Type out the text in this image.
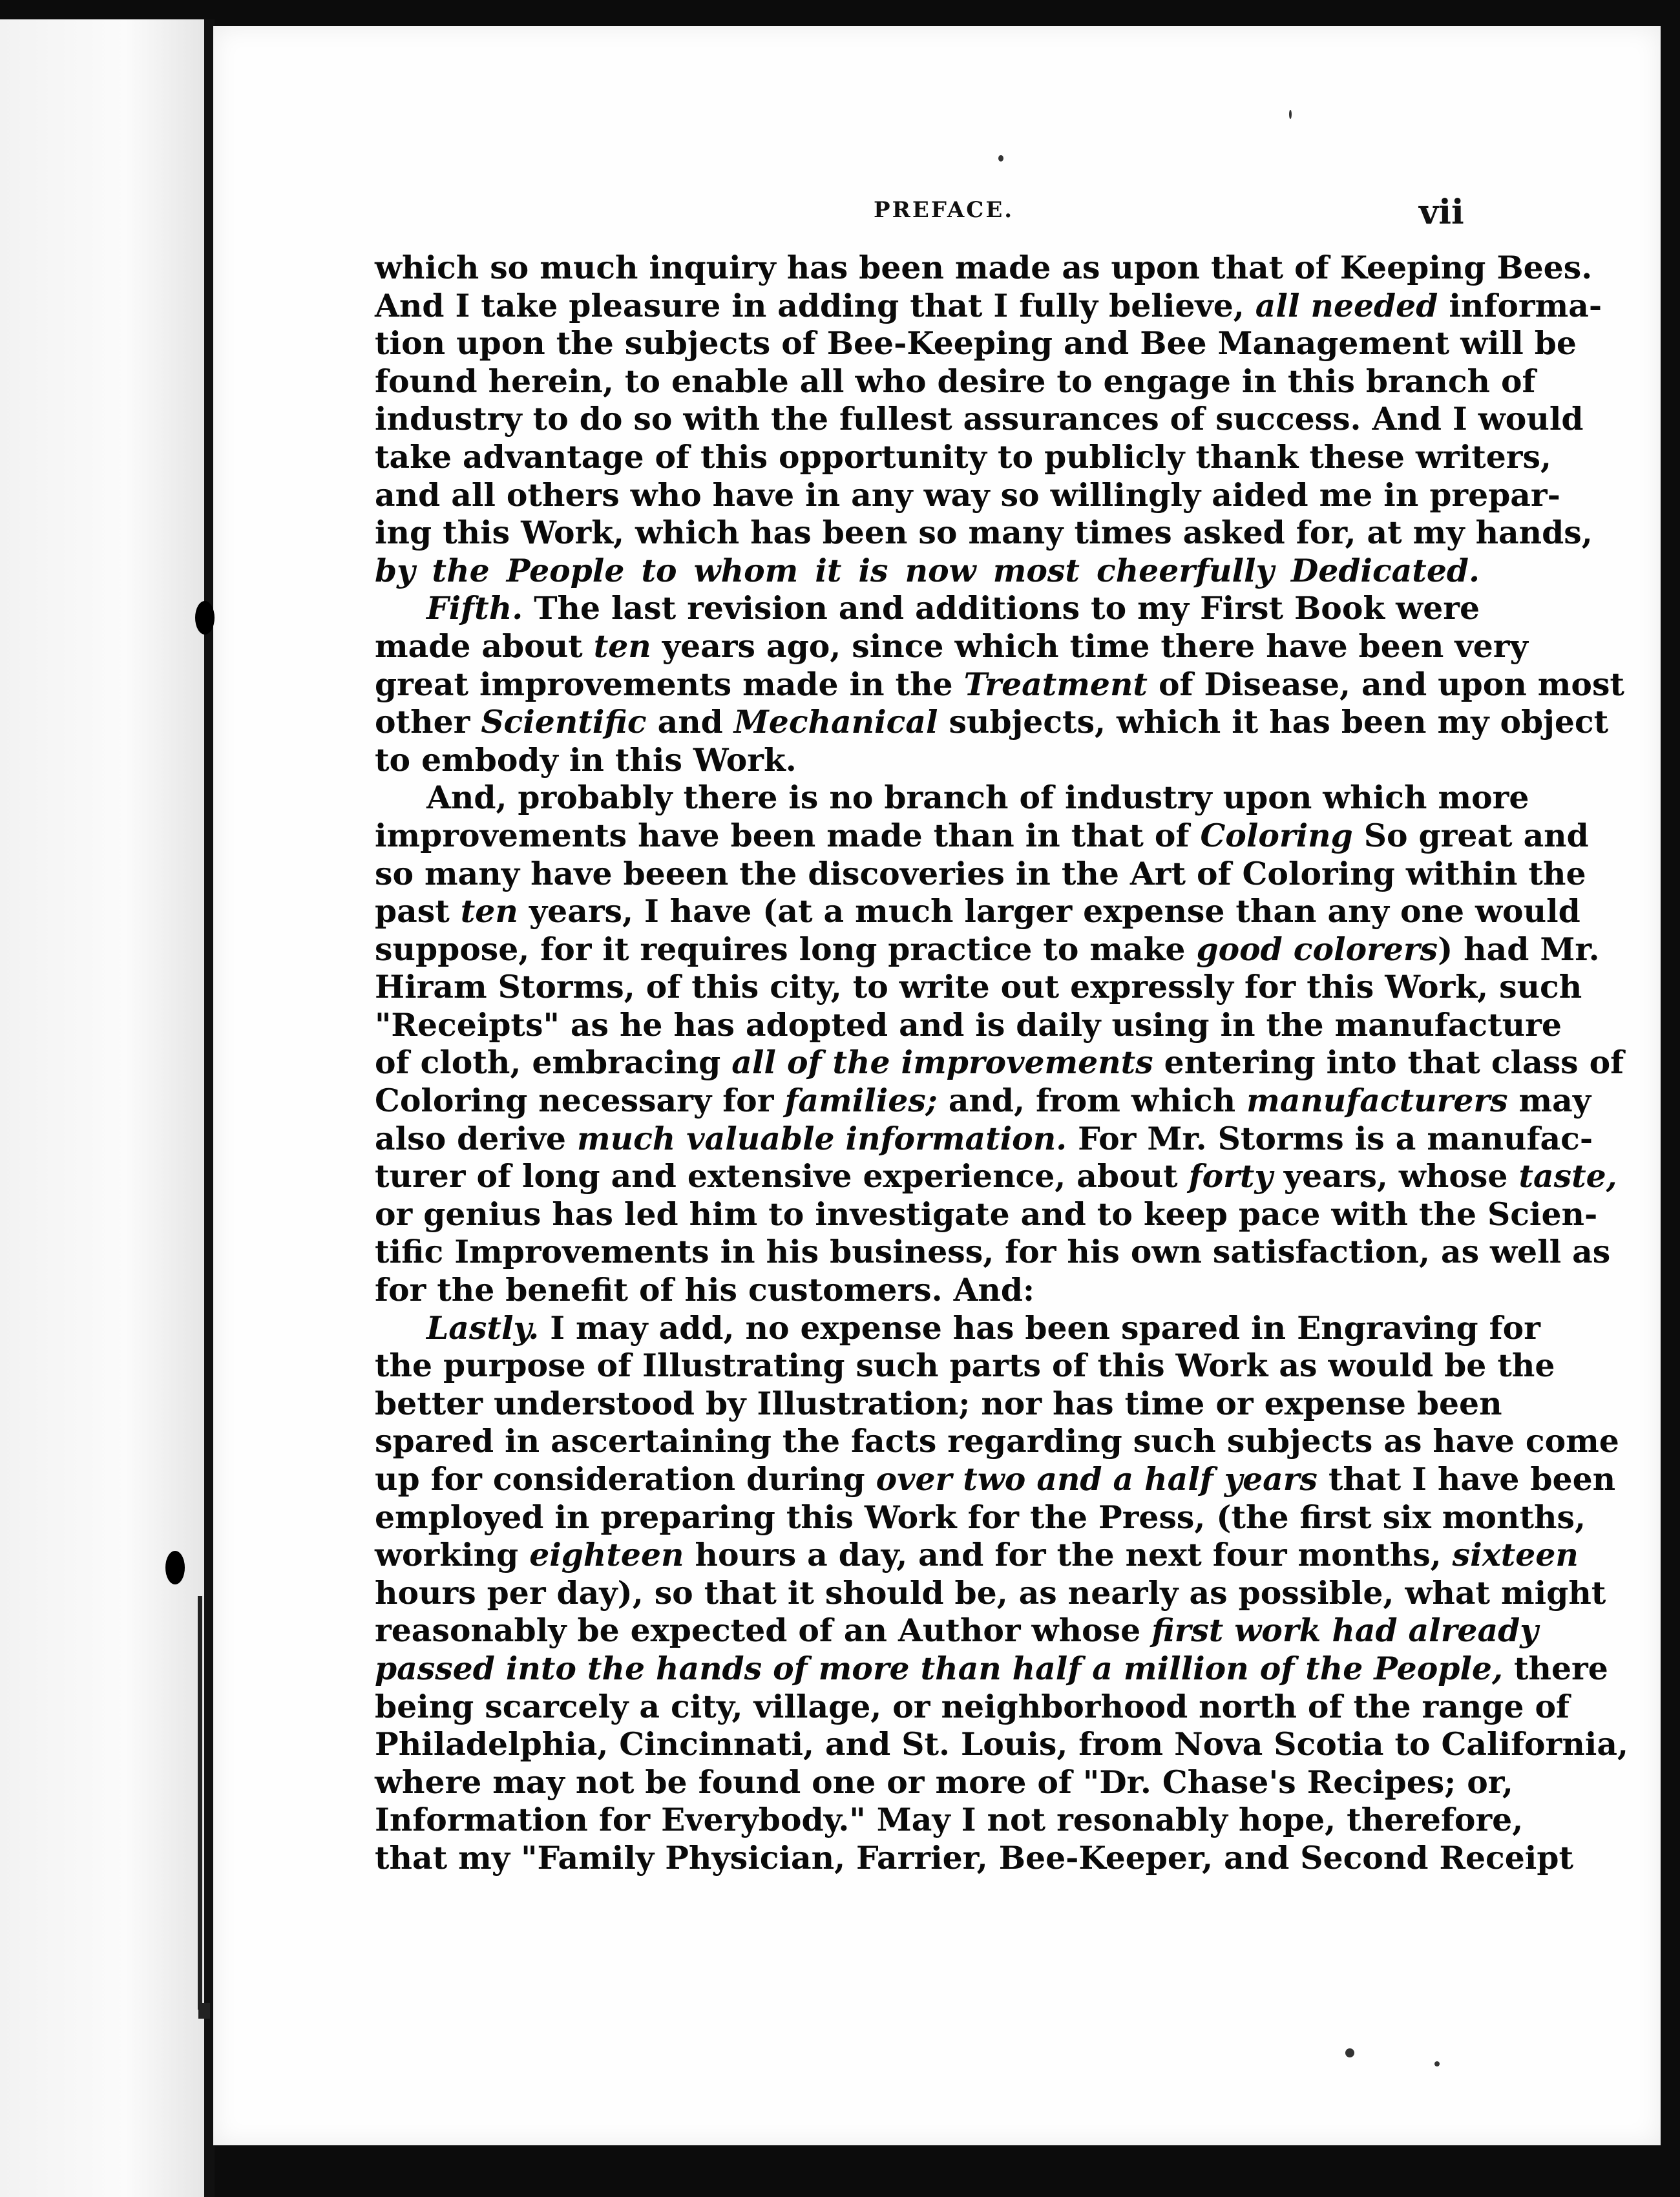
PREFACE.	vii
which so much inquiry has been made as upon that of Keeping Bees.
And I take pleasure in adding that I fully believe, all needed informa-
tion upon the subjects of Bee-Keeping and Bee Management will be
found herein, to enable all who desire to engage in this branch of
industry to do so with the fullest assurances of success. And I would
take advantage of this opportunity to publicly thank these writers,
and all others who have in any way so willingly aided me in prepar-
ing this Work, which has been so many times asked for, at my hands,
by the People to whom it is now most cheerfully Dedicated.
Fifth. The last revision and additions to my First Book were
made about ten years ago, since which time there have been very
great improvements made in the Treatment of Disease, and upon most
other Scientific and Mechanical subjects, which it has been my object
to embody in this Work.
And, probably there is no branch of industry upon which more
improvements have been made than in that of Coloring So great and
so many have beeen the discoveries in the Art of Coloring within the
past ten years, I have (at a much larger expense than any one would
suppose, for it requires long practice to make good colorers) had Mr.
Hiram Storms, of this city, to write out expressly for this Work, such
"Receipts" as he has adopted and is daily using in the manufacture
of cloth, embracing all of the improvements entering into that class of
Coloring necessary for families; and, from which manufacturers may
also derive much valuable information. For Mr. Storms is a manufac-
turer of long and extensive experience, about forty years, whose taste,
or genius has led him to investigate and to keep pace with the Scien-
tific Improvements in his business, for his own satisfaction, as well as
for the benefit of his customers. And:
Lastly. I may add, no expense has been spared in Engraving for
the purpose of Illustrating such parts of this Work as would be the
better understood by Illustration; nor has time or expense been
spared in ascertaining the facts regarding such subjects as have come
up for consideration during over two and a half years that I have been
employed in preparing this Work for the Press, (the first six months,
working eighteen hours a day, and for the next four months, sixteen
hours per day), so that it should be, as nearly as possible, what might
reasonably be expected of an Author whose first work had already
passed into the hands of more than half a million of the People, there
being scarcely a city, village, or neighborhood north of the range of
Philadelphia, Cincinnati, and St. Louis, from Nova Scotia to California,
where may not be found one or more of "Dr. Chase's Recipes; or,
Information for Everybody." May I not resonably hope, therefore,
that my "Family Physician, Farrier, Bee-Keeper, and Second Receipt
